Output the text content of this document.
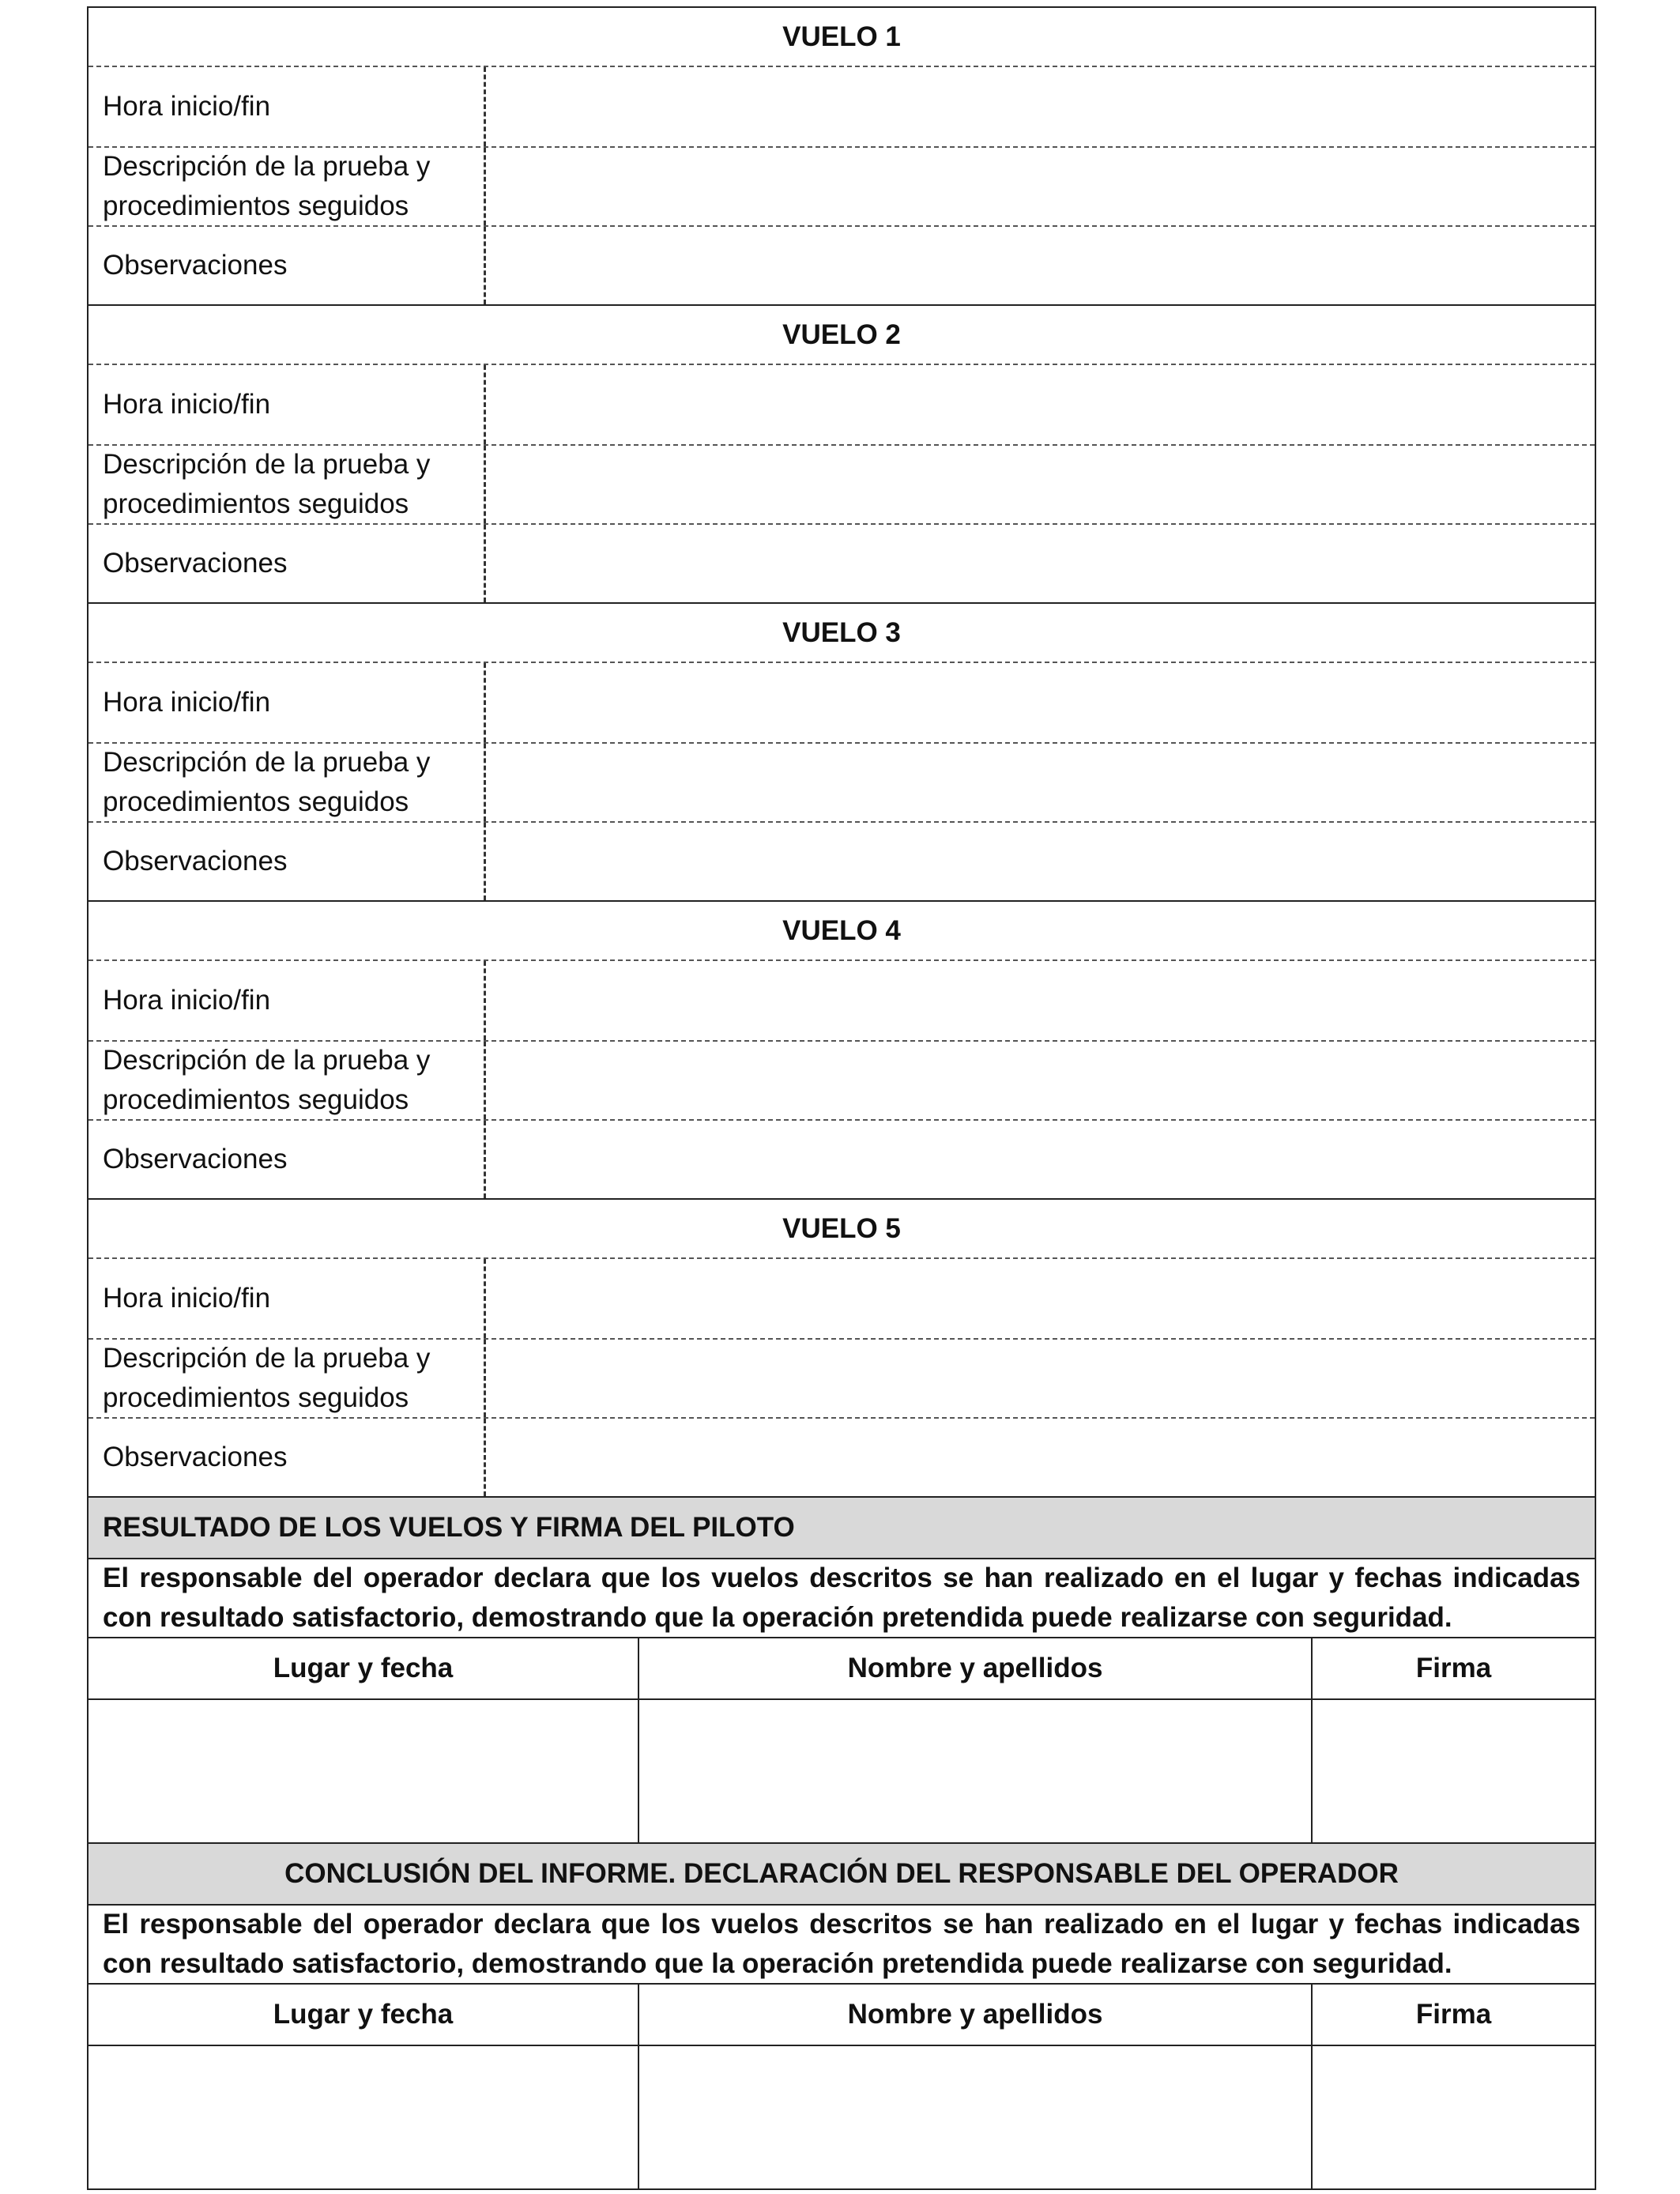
VUELO 1
Hora inicio/fin
Descripción de la prueba y procedimientos seguidos
Observaciones
VUELO 2
Hora inicio/fin
Descripción de la prueba y procedimientos seguidos
Observaciones
VUELO 3
Hora inicio/fin
Descripción de la prueba y procedimientos seguidos
Observaciones
VUELO 4
Hora inicio/fin
Descripción de la prueba y procedimientos seguidos
Observaciones
VUELO 5
Hora inicio/fin
Descripción de la prueba y procedimientos seguidos
Observaciones
RESULTADO DE LOS VUELOS Y FIRMA DEL PILOTO
El responsable del operador declara que los vuelos descritos se han realizado en el lugar y fechas indicadas con resultado satisfactorio, demostrando que la operación pretendida puede realizarse con seguridad.
Lugar y fecha	Nombre y apellidos	Firma
CONCLUSIÓN DEL INFORME. DECLARACIÓN DEL RESPONSABLE DEL OPERADOR
El responsable del operador declara que los vuelos descritos se han realizado en el lugar y fechas indicadas con resultado satisfactorio, demostrando que la operación pretendida puede realizarse con seguridad.
Lugar y fecha	Nombre y apellidos	Firma
